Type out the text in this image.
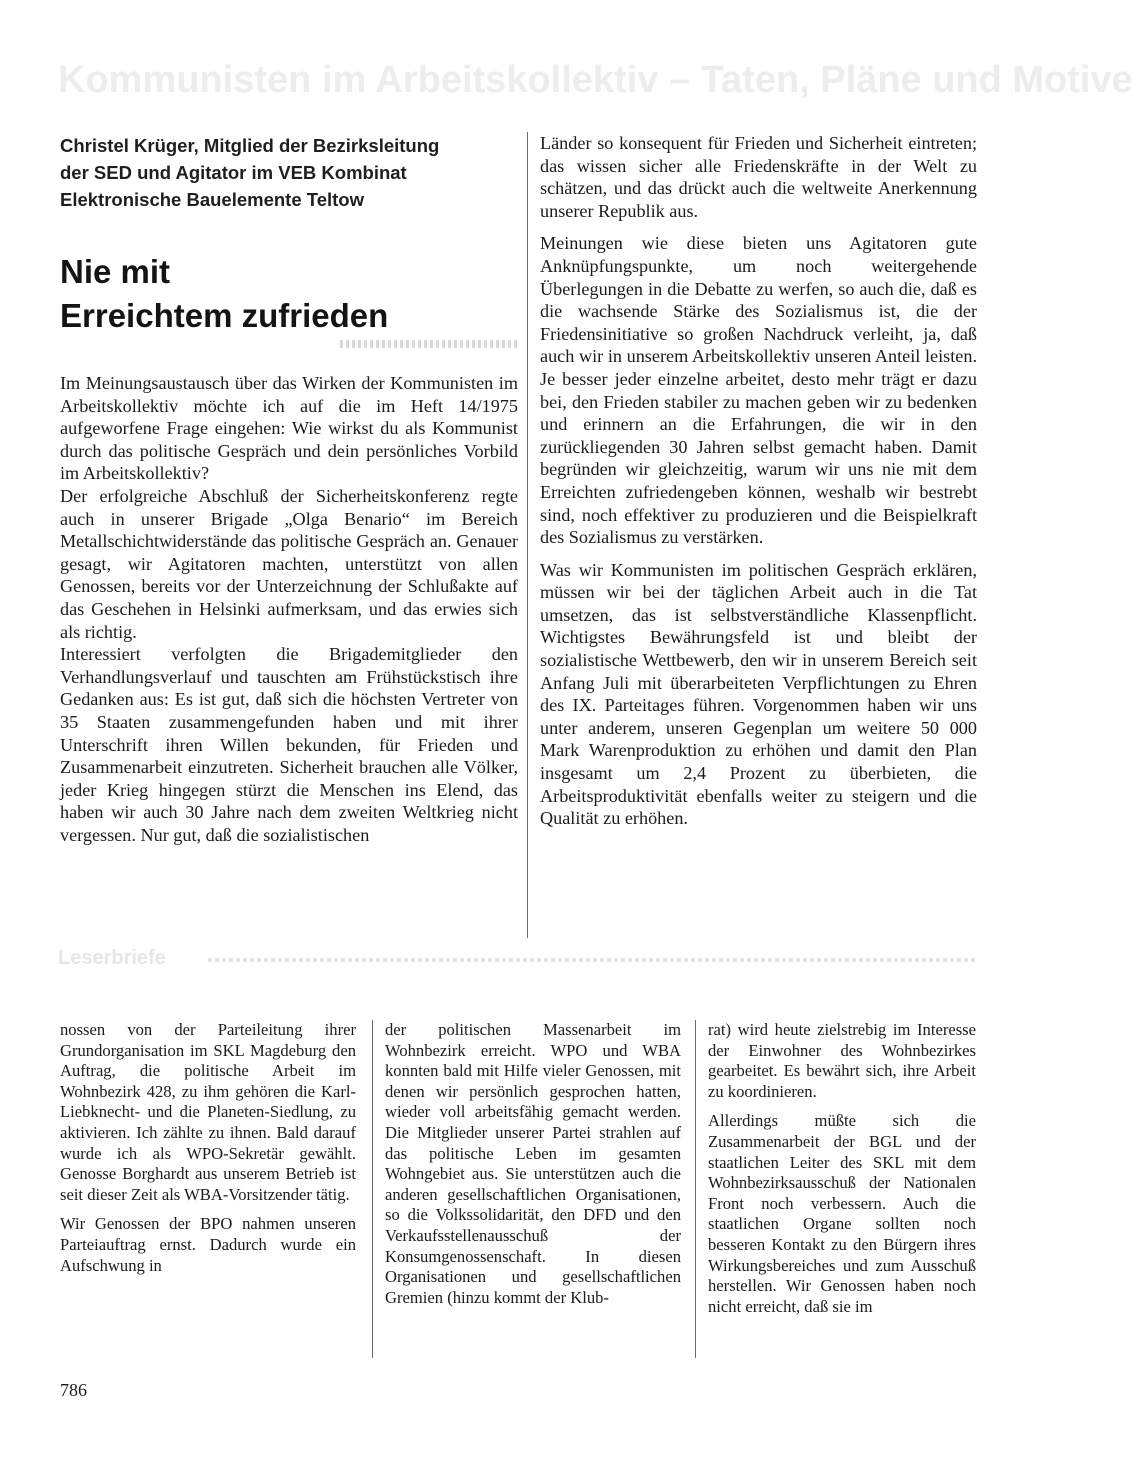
Kommunisten im Arbeitskollektiv – Taten, Pläne und Motive
Christel Krüger, Mitglied der Bezirksleitung
der SED und Agitator im VEB Kombinat
Elektronische Bauelemente Teltow
Nie mit
Erreichtem zufrieden

Im Meinungsaustausch über das Wirken der Kommunisten im Arbeitskollektiv möchte ich auf die im Heft 14/1975 aufgeworfene Frage eingehen: Wie wirkst du als Kommunist durch das politische Gespräch und dein persönliches Vorbild im Arbeitskollektiv?

Der erfolgreiche Abschluß der Sicherheitskonferenz regte auch in unserer Brigade „Olga Benario“ im Bereich Metallschichtwiderstände das politische Gespräch an. Genauer gesagt, wir Agitatoren machten, unterstützt von allen Genossen, bereits vor der Unterzeichnung der Schlußakte auf das Geschehen in Helsinki aufmerksam, und das erwies sich als richtig.

Interessiert verfolgten die Brigademitglieder den Verhandlungsverlauf und tauschten am Frühstückstisch ihre Gedanken aus: Es ist gut, daß sich die höchsten Vertreter von 35 Staaten zusammengefunden haben und mit ihrer Unterschrift ihren Willen bekunden, für Frieden und Zusammenarbeit einzutreten. Sicherheit brauchen alle Völker, jeder Krieg hingegen stürzt die Menschen ins Elend, das haben wir auch 30 Jahre nach dem zweiten Weltkrieg nicht vergessen. Nur gut, daß die sozialistischen

Länder so konsequent für Frieden und Sicherheit eintreten; das wissen sicher alle Friedenskräfte in der Welt zu schätzen, und das drückt auch die weltweite Anerkennung unserer Republik aus.

Meinungen wie diese bieten uns Agitatoren gute Anknüpfungspunkte, um noch weitergehende Überlegungen in die Debatte zu werfen, so auch die, daß es die wachsende Stärke des Sozialismus ist, die der Friedensinitiative so großen Nachdruck verleiht, ja, daß auch wir in unserem Arbeitskollektiv unseren Anteil leisten. Je besser jeder einzelne arbeitet, desto mehr trägt er dazu bei, den Frieden stabiler zu machen geben wir zu bedenken und erinnern an die Erfahrungen, die wir in den zurückliegenden 30 Jahren selbst gemacht haben. Damit begründen wir gleichzeitig, warum wir uns nie mit dem Erreichten zufriedengeben können, weshalb wir bestrebt sind, noch effektiver zu produzieren und die Beispielkraft des Sozialismus zu verstärken.

Was wir Kommunisten im politischen Gespräch erklären, müssen wir bei der täglichen Arbeit auch in die Tat umsetzen, das ist selbstverständliche Klassenpflicht. Wichtigstes Bewährungsfeld ist und bleibt der sozialistische Wettbewerb, den wir in unserem Bereich seit Anfang Juli mit überarbeiteten Verpflichtungen zu Ehren des IX. Parteitages führen. Vorgenommen haben wir uns unter anderem, unseren Gegenplan um weitere 50 000 Mark Warenproduktion zu erhöhen und damit den Plan insgesamt um 2,4 Prozent zu überbieten, die Arbeitsproduktivität ebenfalls weiter zu steigern und die Qualität zu erhöhen.

Leserbriefe

nossen von der Parteileitung ihrer Grundorganisation im SKL Magdeburg den Auftrag, die politische Arbeit im Wohnbezirk 428, zu ihm gehören die Karl-Liebknecht- und die Planeten-Siedlung, zu aktivieren. Ich zählte zu ihnen. Bald darauf wurde ich als WPO-Sekretär gewählt. Genosse Borghardt aus unserem Betrieb ist seit dieser Zeit als WBA-Vorsitzender tätig.

Wir Genossen der BPO nahmen unseren Parteiauftrag ernst. Dadurch wurde ein Aufschwung in

der politischen Massenarbeit im Wohnbezirk erreicht. WPO und WBA konnten bald mit Hilfe vieler Genossen, mit denen wir persönlich gesprochen hatten, wieder voll arbeitsfähig gemacht werden. Die Mitglieder unserer Partei strahlen auf das politische Leben im gesamten Wohngebiet aus. Sie unterstützen auch die anderen gesellschaftlichen Organisationen, so die Volkssolidarität, den DFD und den Verkaufsstellenausschuß der Konsumgenossenschaft. In diesen Organisationen und gesellschaftlichen Gremien (hinzu kommt der Klub-

rat) wird heute zielstrebig im Interesse der Einwohner des Wohnbezirkes gearbeitet. Es bewährt sich, ihre Arbeit zu koordinieren.

Allerdings müßte sich die Zusammenarbeit der BGL und der staatlichen Leiter des SKL mit dem Wohnbezirksausschuß der Nationalen Front noch verbessern. Auch die staatlichen Organe sollten noch besseren Kontakt zu den Bürgern ihres Wirkungsbereiches und zum Ausschuß herstellen. Wir Genossen haben noch nicht erreicht, daß sie im

786
